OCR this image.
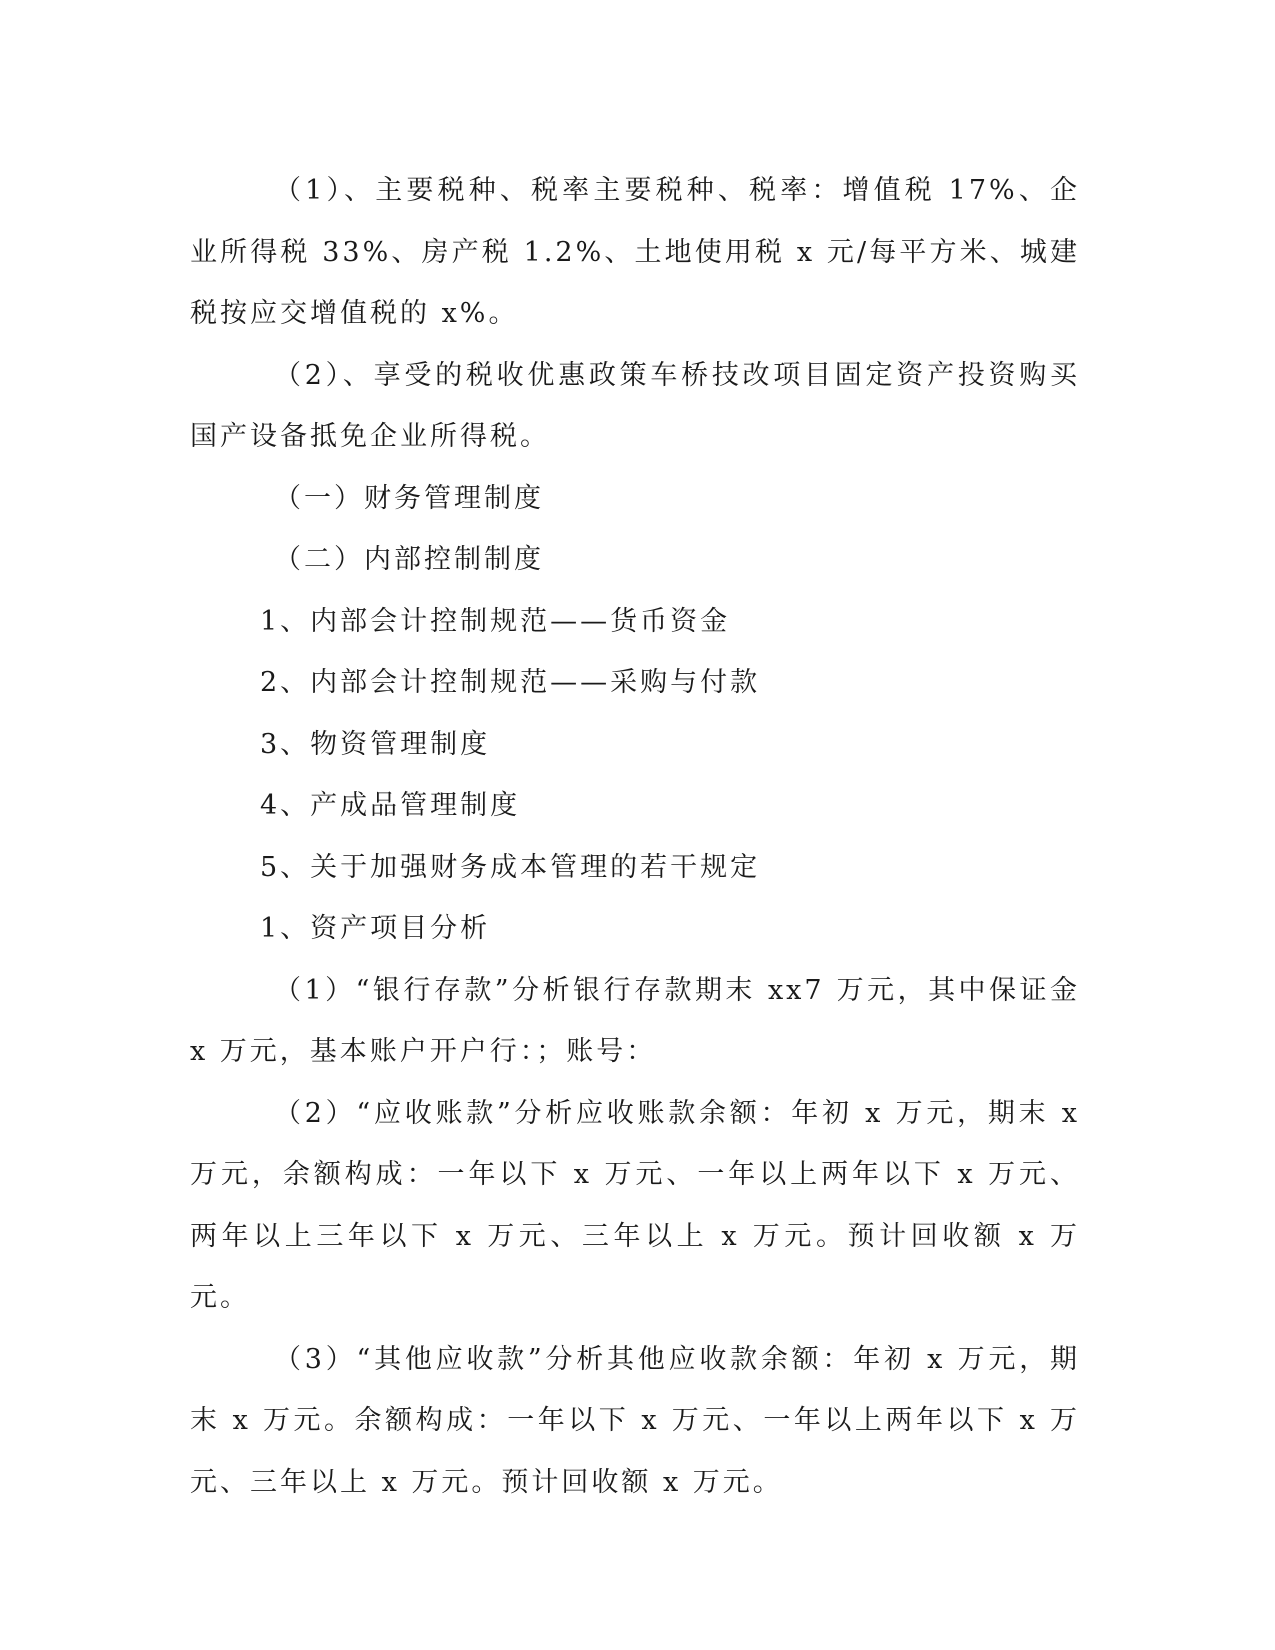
（1）、主要税种、税率主要税种、税率：增值税 17%、企业所得税 33%、房产税 1.2%、土地使用税 x 元/每平方米、城建税按应交增值税的 x%。

（2）、享受的税收优惠政策车桥技改项目固定资产投资购买国产设备抵免企业所得税。

（一）财务管理制度

（二）内部控制制度

1、内部会计控制规范——货币资金

2、内部会计控制规范——采购与付款

3、物资管理制度

4、产成品管理制度

5、关于加强财务成本管理的若干规定

1、资产项目分析

（1）“银行存款”分析银行存款期末 xx7 万元，其中保证金 x 万元，基本账户开户行：；账号：

（2）“应收账款”分析应收账款余额：年初 x 万元，期末 x 万元，余额构成：一年以下 x 万元、一年以上两年以下 x 万元、两年以上三年以下 x 万元、三年以上 x 万元。预计回收额 x 万元。

（3）“其他应收款”分析其他应收款余额：年初 x 万元，期末 x 万元。余额构成：一年以下 x 万元、一年以上两年以下 x 万元、三年以上 x 万元。预计回收额 x 万元。
